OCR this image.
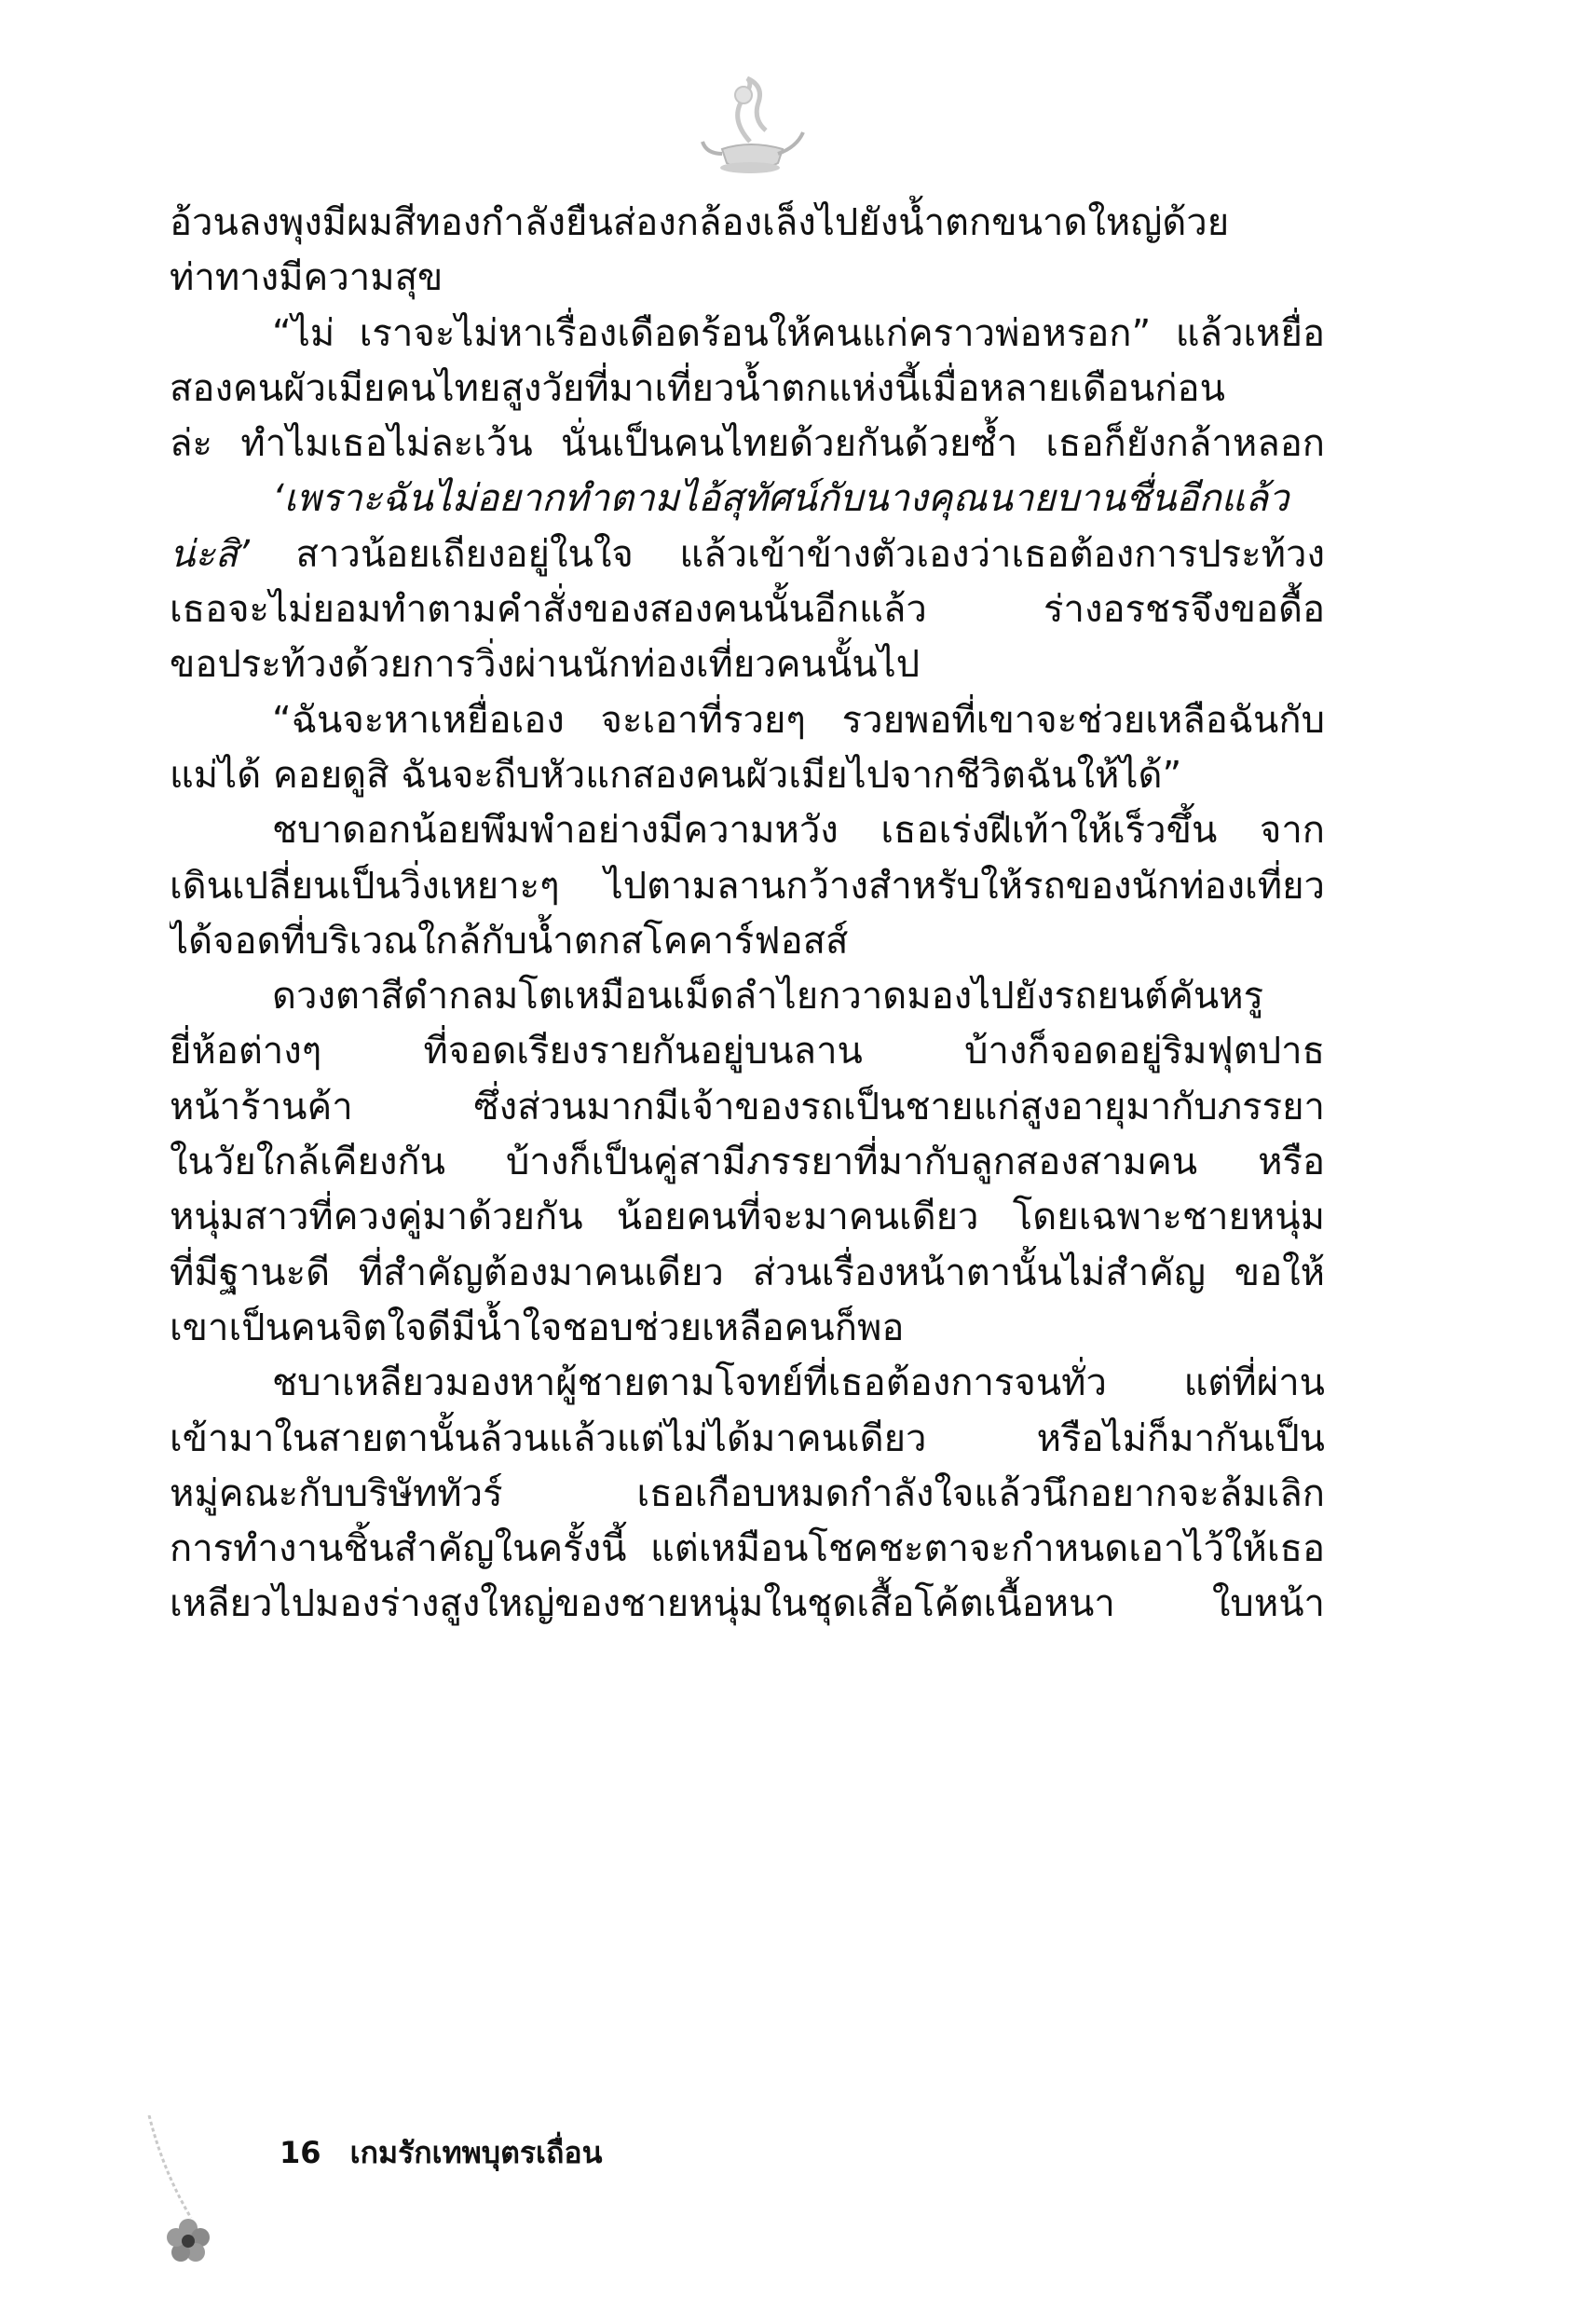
อ้วนลงพุงมีผมสีทองกำลังยืนส่องกล้องเล็งไปยังน้ำตกขนาดใหญ่ด้วย
ท่าทางมีความสุข
“ไม่ เราจะไม่หาเรื่องเดือดร้อนให้คนแก่คราวพ่อหรอก” แล้วเหยื่อ
สองคนผัวเมียคนไทยสูงวัยที่มาเที่ยวน้ำตกแห่งนี้เมื่อหลายเดือนก่อน
ล่ะ ทำไมเธอไม่ละเว้น นั่นเป็นคนไทยด้วยกันด้วยซ้ำ เธอก็ยังกล้าหลอก
‘เพราะฉันไม่อยากทำตามไอ้สุทัศน์กับนางคุณนายบานชื่นอีกแล้ว
น่ะสิ’ สาวน้อยเถียงอยู่ในใจ แล้วเข้าข้างตัวเองว่าเธอต้องการประท้วง
เธอจะไม่ยอมทำตามคำสั่งของสองคนนั้นอีกแล้ว ร่างอรชรจึงขอดื้อ
ขอประท้วงด้วยการวิ่งผ่านนักท่องเที่ยวคนนั้นไป
“ฉันจะหาเหยื่อเอง จะเอาที่รวยๆ รวยพอที่เขาจะช่วยเหลือฉันกับ
แม่ได้ คอยดูสิ ฉันจะถีบหัวแกสองคนผัวเมียไปจากชีวิตฉันให้ได้”
ชบาดอกน้อยพึมพำอย่างมีความหวัง เธอเร่งฝีเท้าให้เร็วขึ้น จาก
เดินเปลี่ยนเป็นวิ่งเหยาะๆ ไปตามลานกว้างสำหรับให้รถของนักท่องเที่ยว
ได้จอดที่บริเวณใกล้กับน้ำตกสโคคาร์ฟอสส์
ดวงตาสีดำกลมโตเหมือนเม็ดลำไยกวาดมองไปยังรถยนต์คันหรู
ยี่ห้อต่างๆ ที่จอดเรียงรายกันอยู่บนลาน บ้างก็จอดอยู่ริมฟุตปาธ
หน้าร้านค้า ซึ่งส่วนมากมีเจ้าของรถเป็นชายแก่สูงอายุมากับภรรยา
ในวัยใกล้เคียงกัน บ้างก็เป็นคู่สามีภรรยาที่มากับลูกสองสามคน หรือ
หนุ่มสาวที่ควงคู่มาด้วยกัน น้อยคนที่จะมาคนเดียว โดยเฉพาะชายหนุ่ม
ที่มีฐานะดี ที่สำคัญต้องมาคนเดียว ส่วนเรื่องหน้าตานั้นไม่สำคัญ ขอให้
เขาเป็นคนจิตใจดีมีน้ำใจชอบช่วยเหลือคนก็พอ
ชบาเหลียวมองหาผู้ชายตามโจทย์ที่เธอต้องการจนทั่ว แต่ที่ผ่าน
เข้ามาในสายตานั้นล้วนแล้วแต่ไม่ได้มาคนเดียว หรือไม่ก็มากันเป็น
หมู่คณะกับบริษัททัวร์ เธอเกือบหมดกำลังใจแล้วนึกอยากจะล้มเลิก
การทำงานชิ้นสำคัญในครั้งนี้ แต่เหมือนโชคชะตาจะกำหนดเอาไว้ให้เธอ
เหลียวไปมองร่างสูงใหญ่ของชายหนุ่มในชุดเสื้อโค้ตเนื้อหนา ใบหน้า
16 เกมรักเทพบุตรเถื่อน
